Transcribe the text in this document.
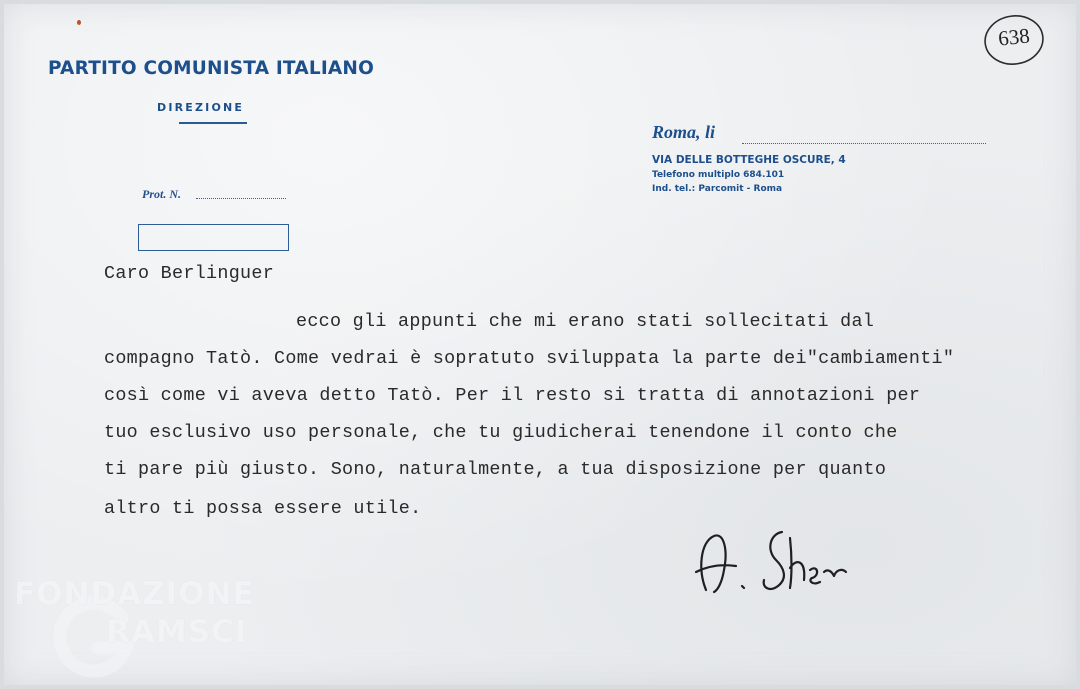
PARTITO COMUNISTA ITALIANO
DIREZIONE
Prot. N.
Roma, li
VIA DELLE BOTTEGHE OSCURE, 4
Telefono multiplo 684.101
Ind. tel.: Parcomit - Roma
638
Caro Berlinguer
ecco gli appunti che mi erano stati sollecitati dal
compagno Tatò. Come vedrai è sopratuto sviluppata la parte dei"cambiamenti"
così come vi aveva detto Tatò. Per il resto si tratta di annotazioni per
tuo esclusivo uso personale, che tu giudicherai tenendone il conto che
ti pare più giusto. Sono, naturalmente, a tua disposizione per quanto
altro ti possa essere utile.
FONDAZIONE
RAMSCI
